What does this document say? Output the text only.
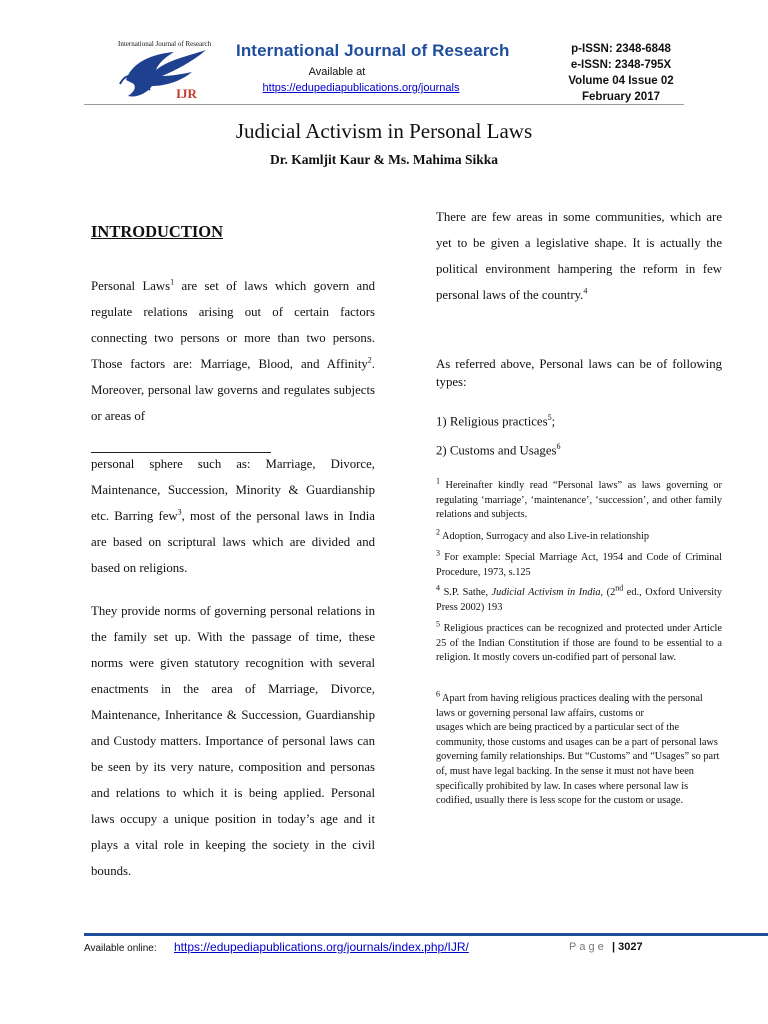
International Journal of Research
IJR
International Journal of Research
Available at
https://edupediapublications.org/journals
p-ISSN: 2348-6848
e-ISSN: 2348-795X
Volume 04 Issue 02
February 2017
Judicial Activism in Personal Laws
Dr. Kamljit Kaur & Ms. Mahima Sikka
INTRODUCTION
Personal Laws$^1$ are set of laws which govern and regulate relations arising out of certain factors connecting two persons or more than two persons. Those factors are: Marriage, Blood, and Affinity$^2$. Moreover, personal law governs and regulates subjects or areas of
personal sphere such as: Marriage, Divorce, Maintenance, Succession, Minority & Guardianship etc. Barring few$^3$, most of the personal laws in India are based on scriptural laws which are divided and based on religions.
They provide norms of governing personal relations in the family set up. With the passage of time, these norms were given statutory recognition with several enactments in the area of Marriage, Divorce, Maintenance, Inheritance & Succession, Guardianship and Custody matters. Importance of personal laws can be seen by its very nature, composition and personas and relations to which it is being applied. Personal laws occupy a unique position in today’s age and it plays a vital role in keeping the society in the civil bounds.
There are few areas in some communities, which are yet to be given a legislative shape. It is actually the political environment hampering the reform in few personal laws of the country.$^4$
As referred above, Personal laws can be of following types:
1) Religious practices$^5$;
2) Customs and Usages$^6$
$^1$ Hereinafter kindly read “Personal laws” as laws governing or regulating ‘marriage’, ‘maintenance’, ‘succession’, and other family relations and subjects.
$^2$ Adoption, Surrogacy and also Live-in relationship
$^3$ For example: Special Marriage Act, 1954 and Code of Criminal Procedure, 1973, s.125
$^4$ S.P. Sathe, Judicial Activism in India, (2nd ed., Oxford University Press 2002) 193
$^5$ Religious practices can be recognized and protected under Article 25 of the Indian Constitution if those are found to be essential to a religion. It mostly covers un-codified part of personal law.
$^6$ Apart from having religious practices dealing with the personal laws or governing personal law affairs, customs or
usages which are being practiced by a particular sect of the community, those customs and usages can be a part of personal laws governing family relationships. But “Customs” and “Usages” so part of, must have legal backing. In the sense it must not have been specifically prohibited by law. In cases where personal law is codified, usually there is less scope for the custom or usage.
Available online: https://edupediapublications.org/journals/index.php/IJR/	Page | 3027
